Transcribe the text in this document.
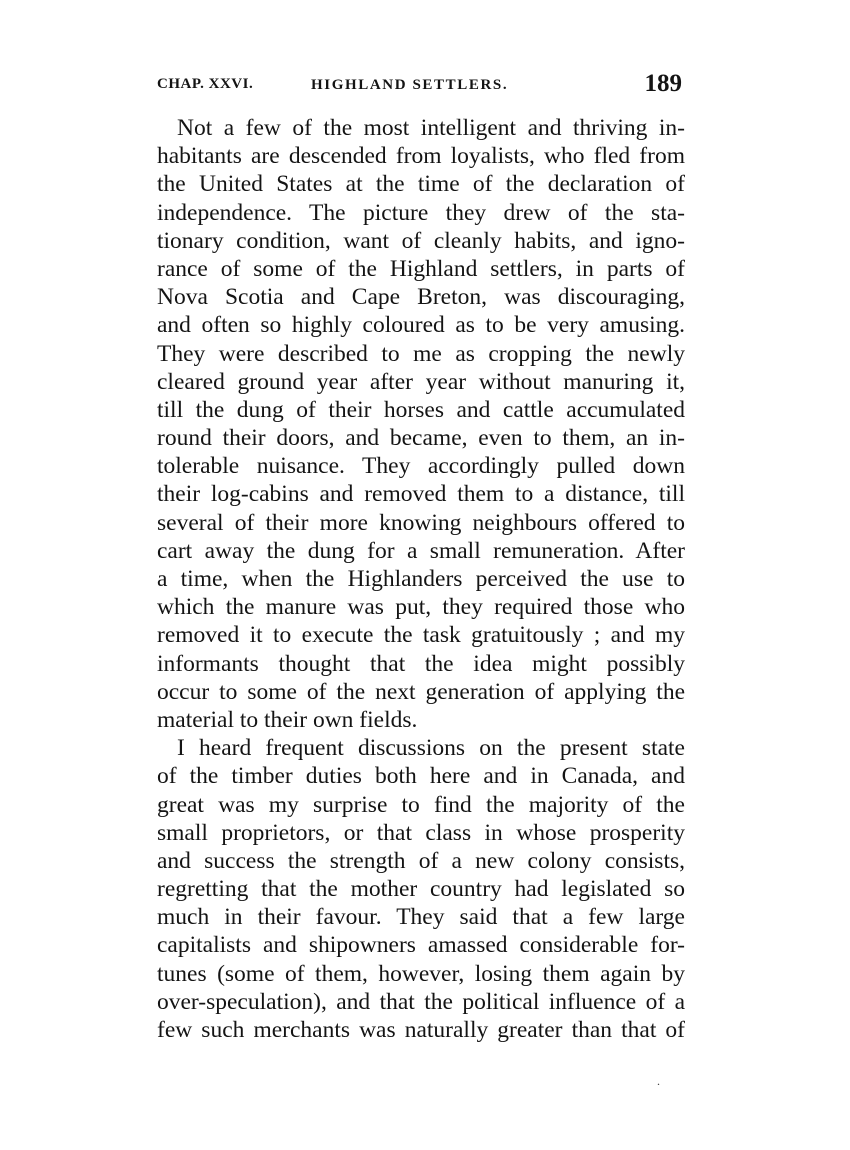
CHAP. XXVI.	HIGHLAND SETTLERS.	189
Not a few of the most intelligent and thriving in-
habitants are descended from loyalists, who fled from
the United States at the time of the declaration of
independence. The picture they drew of the sta-
tionary condition, want of cleanly habits, and igno-
rance of some of the Highland settlers, in parts of
Nova Scotia and Cape Breton, was discouraging,
and often so highly coloured as to be very amusing.
They were described to me as cropping the newly
cleared ground year after year without manuring it,
till the dung of their horses and cattle accumulated
round their doors, and became, even to them, an in-
tolerable nuisance. They accordingly pulled down
their log-cabins and removed them to a distance, till
several of their more knowing neighbours offered to
cart away the dung for a small remuneration. After
a time, when the Highlanders perceived the use to
which the manure was put, they required those who
removed it to execute the task gratuitously ; and my
informants thought that the idea might possibly
occur to some of the next generation of applying the
material to their own fields.
I heard frequent discussions on the present state
of the timber duties both here and in Canada, and
great was my surprise to find the majority of the
small proprietors, or that class in whose prosperity
and success the strength of a new colony consists,
regretting that the mother country had legislated so
much in their favour. They said that a few large
capitalists and shipowners amassed considerable for-
tunes (some of them, however, losing them again by
over-speculation), and that the political influence of a
few such merchants was naturally greater than that of
.
